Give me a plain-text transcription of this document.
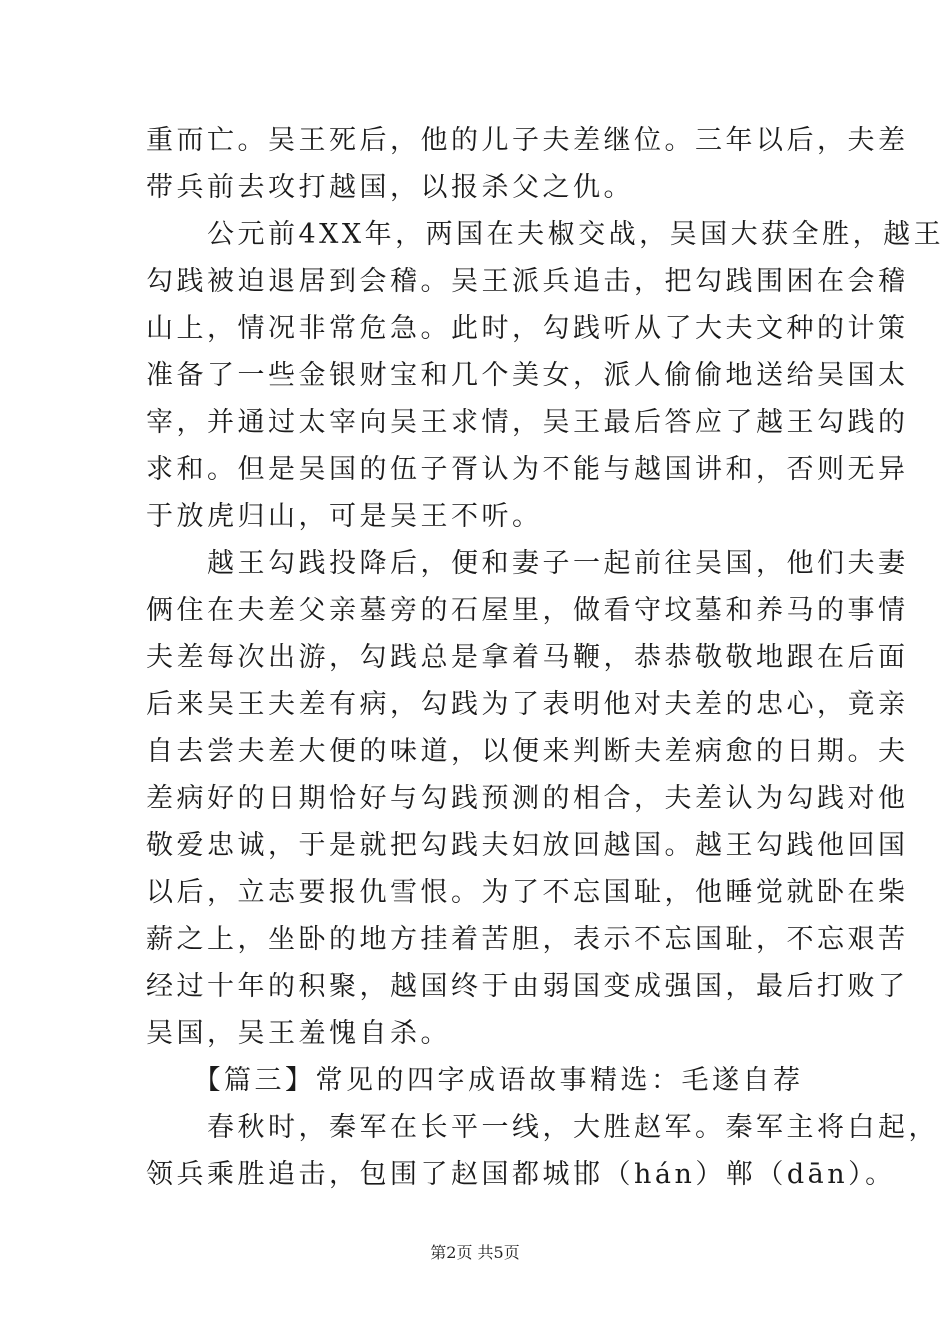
重而亡。吴王死后，他的儿子夫差继位。三年以后，夫差
带兵前去攻打越国，以报杀父之仇。
　　公元前4XX年，两国在夫椒交战，吴国大获全胜，越王
勾践被迫退居到会稽。吴王派兵追击，把勾践围困在会稽
山上，情况非常危急。此时，勾践听从了大夫文种的计策
准备了一些金银财宝和几个美女，派人偷偷地送给吴国太
宰，并通过太宰向吴王求情，吴王最后答应了越王勾践的
求和。但是吴国的伍子胥认为不能与越国讲和，否则无异
于放虎归山，可是吴王不听。
　　越王勾践投降后，便和妻子一起前往吴国，他们夫妻
俩住在夫差父亲墓旁的石屋里，做看守坟墓和养马的事情
夫差每次出游，勾践总是拿着马鞭，恭恭敬敬地跟在后面
后来吴王夫差有病，勾践为了表明他对夫差的忠心，竟亲
自去尝夫差大便的味道，以便来判断夫差病愈的日期。夫
差病好的日期恰好与勾践预测的相合，夫差认为勾践对他
敬爱忠诚，于是就把勾践夫妇放回越国。越王勾践他回国
以后，立志要报仇雪恨。为了不忘国耻，他睡觉就卧在柴
薪之上，坐卧的地方挂着苦胆，表示不忘国耻，不忘艰苦
经过十年的积聚，越国终于由弱国变成强国，最后打败了
吴国，吴王羞愧自杀。
　　【篇三】常见的四字成语故事精选：毛遂自荐
　　春秋时，秦军在长平一线，大胜赵军。秦军主将白起，
领兵乘胜追击，包围了赵国都城邯（hán）郸（dān）。
第2页 共5页
